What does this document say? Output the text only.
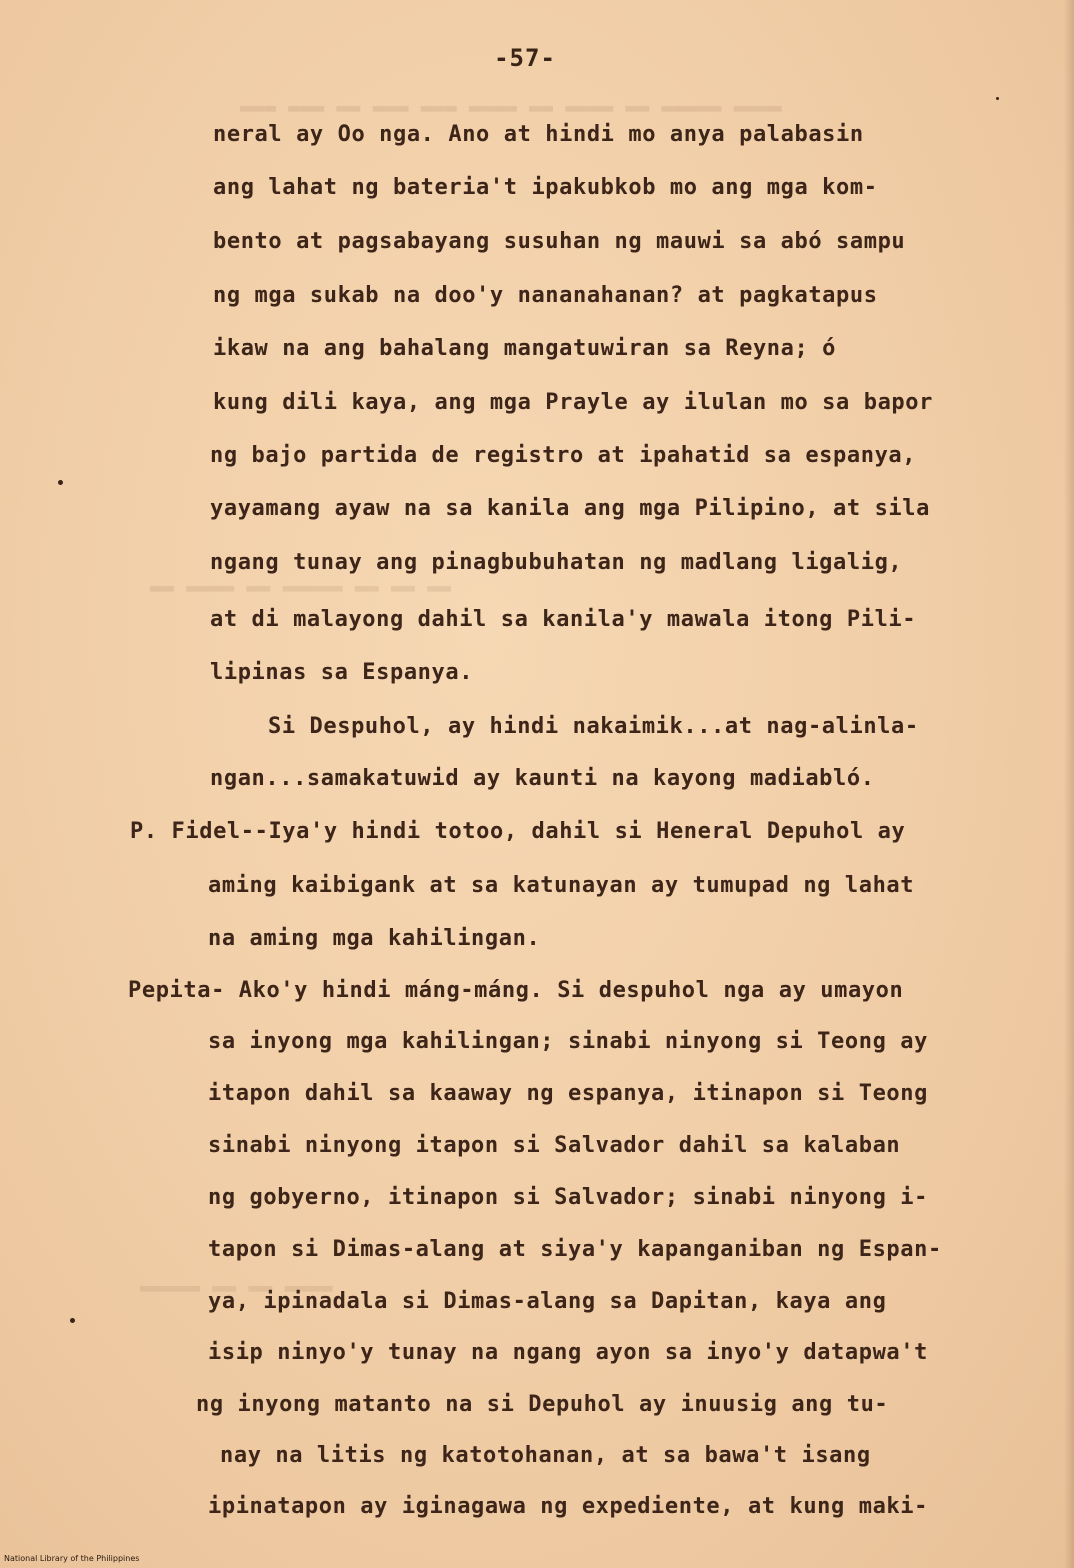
▬▬▬ ▬▬▬ ▬▬ ▬▬▬ ▬▬▬ ▬▬▬▬ ▬▬ ▬▬▬▬ ▬▬ ▬▬▬▬▬ ▬▬▬▬
▬▬ ▬▬▬▬ ▬▬ ▬▬▬▬▬ ▬▬ ▬▬ ▬▬
▬▬▬▬▬ ▬▬ ▬▬ ▬▬▬▬
-57-
neral ay Oo nga. Ano at hindi mo anya palabasin
ang lahat ng bateria't ipakubkob mo ang mga kom-
bento at pagsabayang susuhan ng mauwi sa abó sampu
ng mga sukab na doo'y nananahanan? at pagkatapus
ikaw na ang bahalang mangatuwiran sa Reyna; ó
kung dili kaya, ang mga Prayle ay ilulan mo sa bapor
ng bajo partida de registro at ipahatid sa espanya,
yayamang ayaw na sa kanila ang mga Pilipino, at sila
ngang tunay ang pinagbubuhatan ng madlang ligalig,
at di malayong dahil sa kanila'y mawala itong Pili-
lipinas sa Espanya.
Si Despuhol, ay hindi nakaimik...at nag-alinla-
ngan...samakatuwid ay kaunti na kayong madiabló.
P. Fidel--Iya'y hindi totoo, dahil si Heneral Depuhol ay
aming kaibigank at sa katunayan ay tumupad ng lahat
na aming mga kahilingan.
Pepita- Ako'y hindi máng-máng. Si despuhol nga ay umayon
sa inyong mga kahilingan; sinabi ninyong si Teong ay
itapon dahil sa kaaway ng espanya, itinapon si Teong
sinabi ninyong itapon si Salvador dahil sa kalaban
ng gobyerno, itinapon si Salvador; sinabi ninyong i-
tapon si Dimas-alang at siya'y kapanganiban ng Espan-
ya, ipinadala si Dimas-alang sa Dapitan, kaya ang
isip ninyo'y tunay na ngang ayon sa inyo'y datapwa't
ng inyong matanto na si Depuhol ay inuusig ang tu-
nay na litis ng katotohanan, at sa bawa't isang
ipinatapon ay iginagawa ng expediente, at kung maki-
National Library of the Philippines
